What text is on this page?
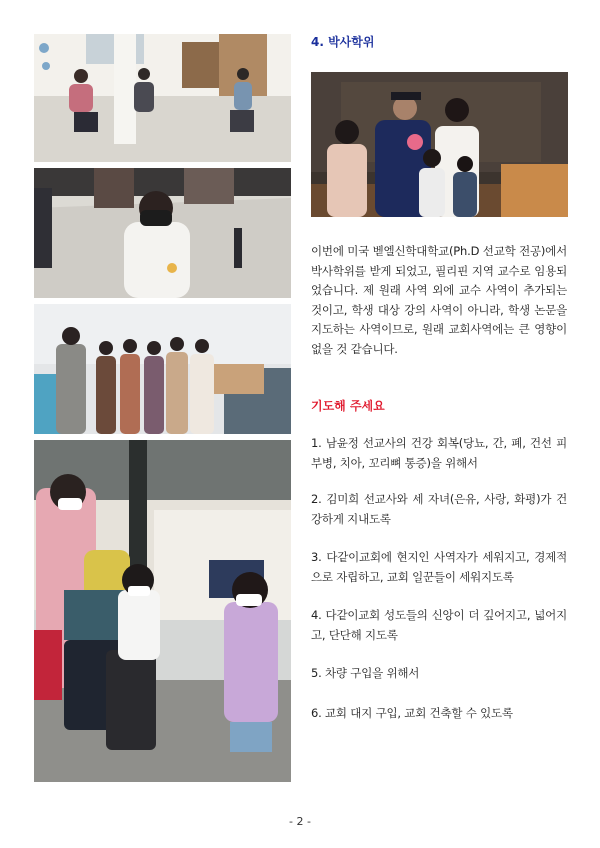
4. 박사학위

이번에 미국 벧엘신학대학교(Ph.D 선교학 전공)에서 박사학위를 받게 되었고, 필리핀 지역 교수로 임용되었습니다. 제 원래 사역 외에 교수 사역이 추가되는 것이고, 학생 대상 강의 사역이 아니라, 학생 논문을 지도하는 사역이므로, 원래 교회사역에는 큰 영향이 없을 것 같습니다.

기도해 주세요

1. 남윤정 선교사의 건강 회복(당뇨, 간, 폐, 건선 피부병, 치아, 꼬리뼈 통증)을 위해서

2. 김미희 선교사와 세 자녀(은유, 사랑, 화평)가 건강하게 지내도록

3. 다같이교회에 현지인 사역자가 세워지고, 경제적으로 자립하고, 교회 일꾼들이 세워지도록

4. 다같이교회 성도들의 신앙이 더 깊어지고, 넓어지고, 단단해 지도록

5. 차량 구입을 위해서

6. 교회 대지 구입, 교회 건축할 수 있도록

- 2 -
